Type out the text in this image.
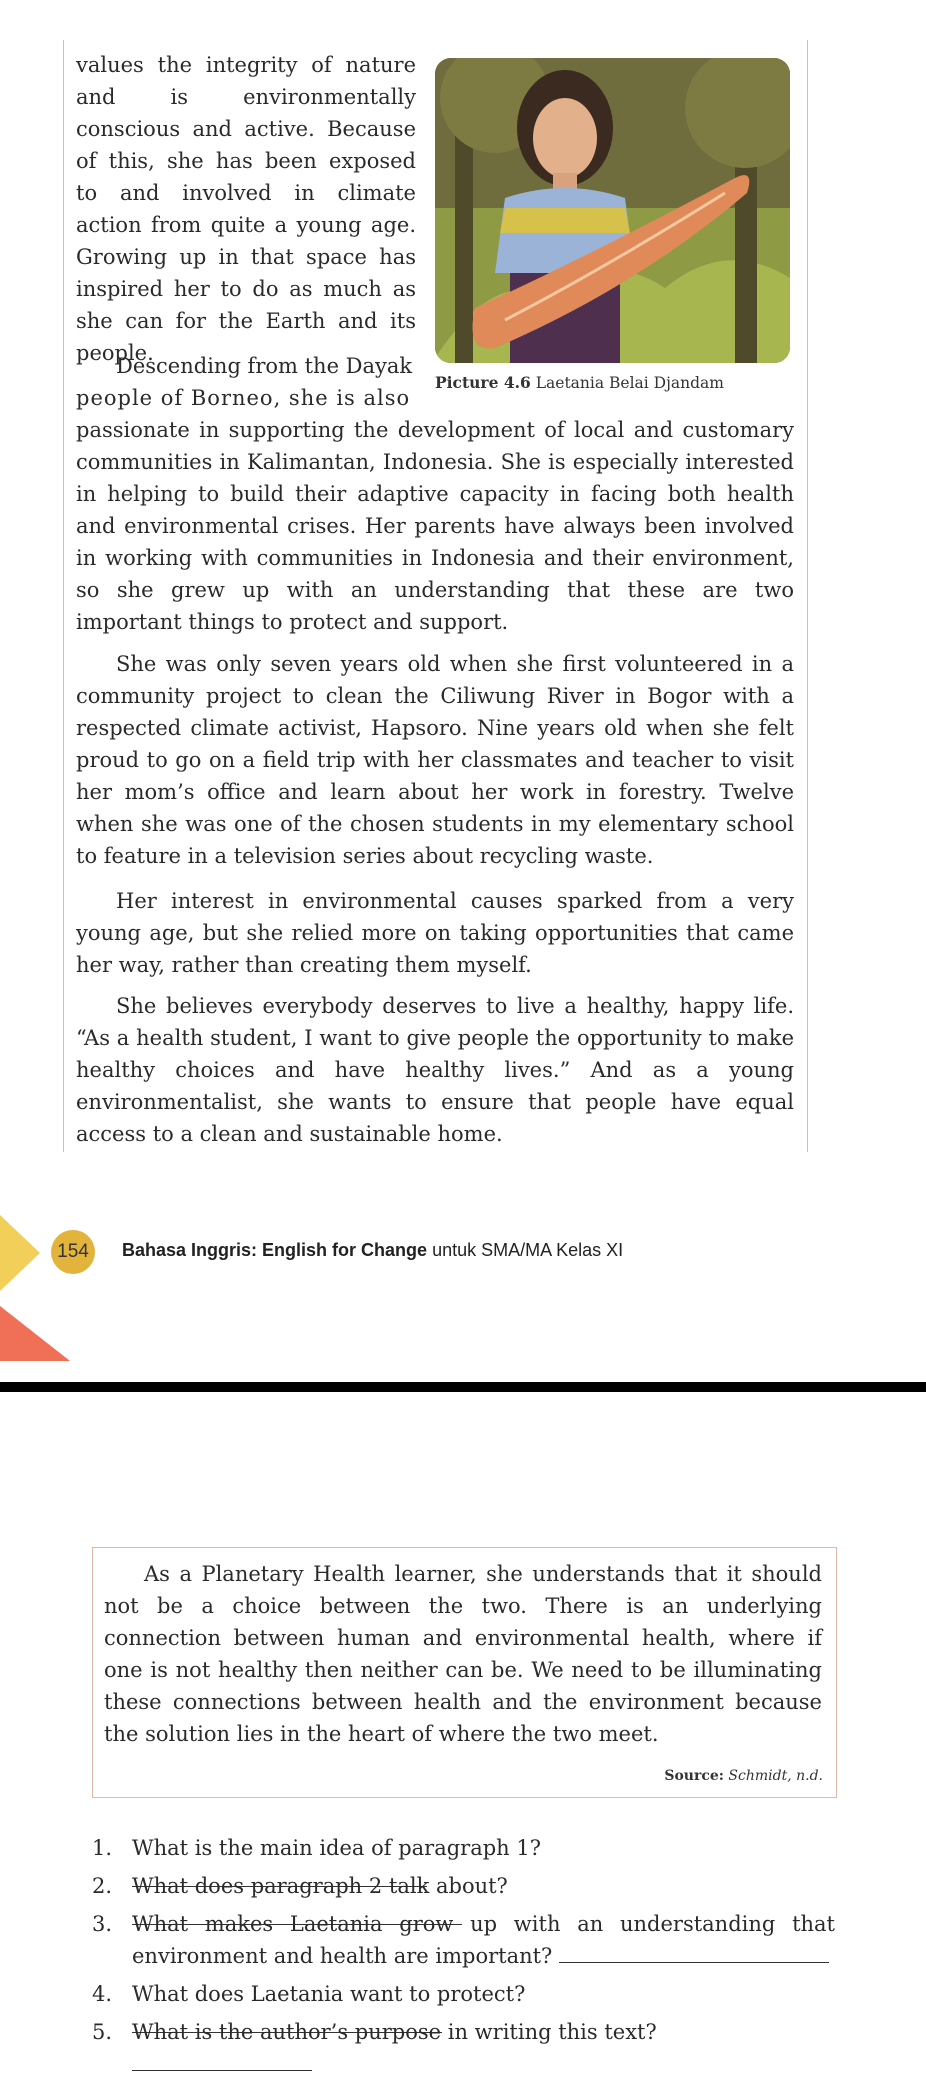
values the integrity of nature and is environmentally conscious and active. Because of this, she has been exposed to and involved in climate action from quite a young age. Growing up in that space has inspired her to do as much as she can for the Earth and its people.

Picture 4.6 Laetania Belai Djandam
Descending from the Dayak
people of Borneo, she is also

passionate in supporting the development of local and customary communities in Kalimantan, Indonesia. She is especially interested in helping to build their adaptive capacity in facing both health and environmental crises. Her parents have always been involved in working with communities in Indonesia and their environment, so she grew up with an understanding that these are two important things to protect and support.

She was only seven years old when she first volunteered in a community project to clean the Ciliwung River in Bogor with a respected climate activist, Hapsoro. Nine years old when she felt proud to go on a field trip with her classmates and teacher to visit her mom’s office and learn about her work in forestry. Twelve when she was one of the chosen students in my elementary school to feature in a television series about recycling waste.

Her interest in environmental causes sparked from a very young age, but she relied more on taking opportunities that came her way, rather than creating them myself.

She believes everybody deserves to live a healthy, happy life. “As a health student, I want to give people the opportunity to make healthy choices and have healthy lives.” And as a young environmentalist, she wants to ensure that people have equal access to a clean and sustainable home.

154	Bahasa Inggris: English for Change untuk SMA/MA Kelas XI

As a Planetary Health learner, she understands that it should not be a choice between the two. There is an underlying connection between human and environmental health, where if one is not healthy then neither can be. We need to be illuminating these connections between health and the environment because the solution lies in the heart of where the two meet.

Source: Schmidt, n.d.
1. What is the main idea of paragraph 1?
2. What does paragraph 2 talk about?
3. What makes Laetania grow up with an understanding that
environment and health are important?
4. What does Laetania want to protect?
5. What is the author’s purpose in writing this text?
